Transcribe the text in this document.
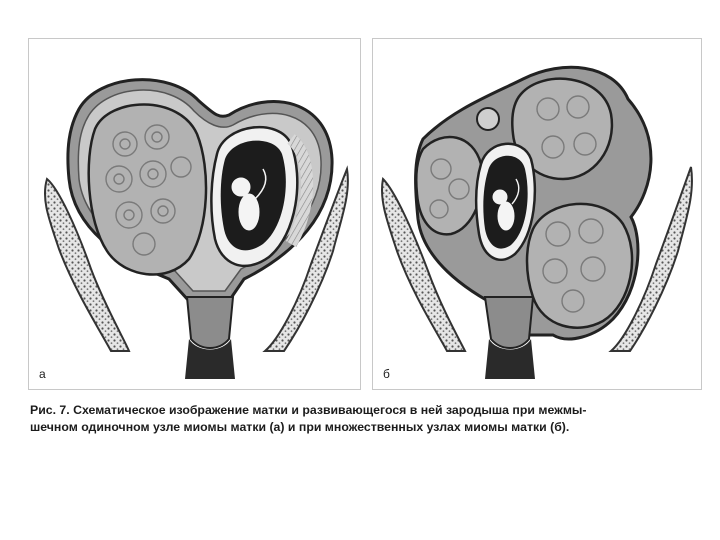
а	б
Рис. 7. Схематическое изображение матки и развивающегося в ней зародыша при межмы-
шечном одиночном узле миомы матки (а) и при множественных узлах миомы матки (б).
